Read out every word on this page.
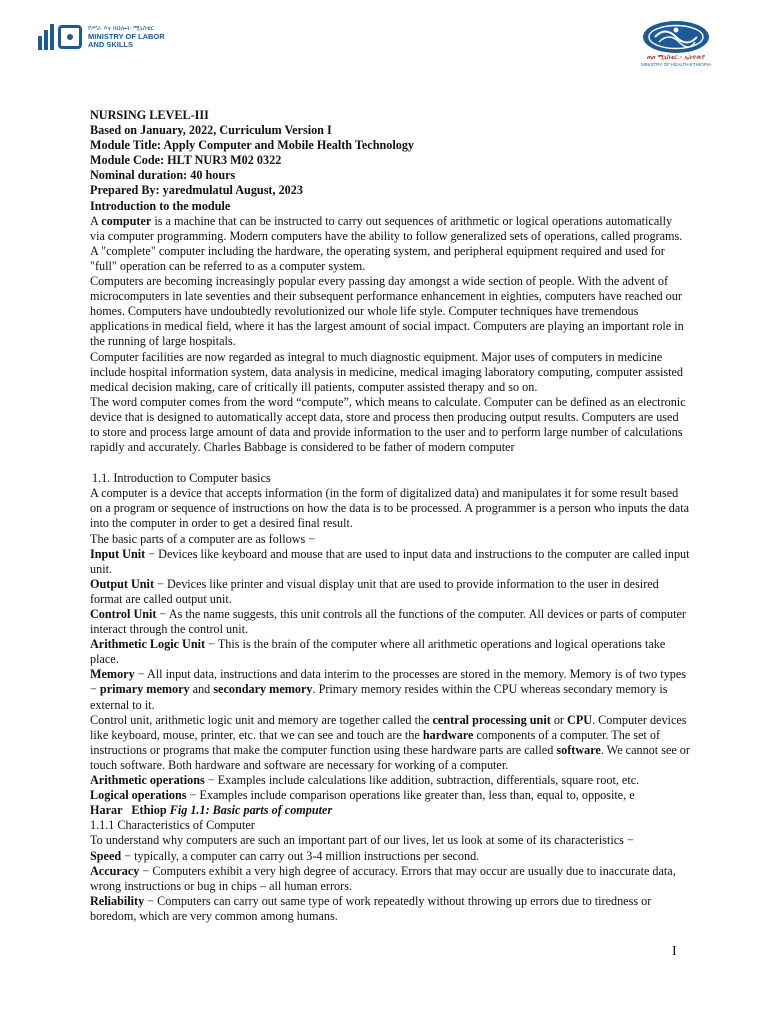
የሥራ እና ክህሎት ሚኒስቴር
MINISTRY OF LABOR
AND SKILLS
ጤና ሚኒስቴር - ኢትዮጵያ
MINISTRY OF HEALTH-ETHIOPIA

NURSING LEVEL-III

Based on January, 2022, Curriculum Version I

Module Title: Apply Computer and Mobile Health Technology

Module Code: HLT NUR3 M02 0322

Nominal duration: 40 hours

Prepared By: yaredmulatul August, 2023

Introduction to the module

A computer is a machine that can be instructed to carry out sequences of arithmetic or logical operations automatically via computer programming. Modern computers have the ability to follow generalized sets of operations, called programs. A "complete" computer including the hardware, the operating system, and peripheral equipment required and used for "full" operation can be referred to as a computer system.

Computers are becoming increasingly popular every passing day amongst a wide section of people. With the advent of microcomputers in late seventies and their subsequent performance enhancement in eighties, computers have reached our homes. Computers have undoubtedly revolutionized our whole life style. Computer techniques have tremendous applications in medical field, where it has the largest amount of social impact. Computers are playing an important role in the running of large hospitals.

Computer facilities are now regarded as integral to much diagnostic equipment. Major uses of computers in medicine include hospital information system, data analysis in medicine, medical imaging laboratory computing, computer assisted medical decision making, care of critically ill patients, computer assisted therapy and so on.

The word computer comes from the word “compute”, which means to calculate. Computer can be defined as an electronic device that is designed to automatically accept data, store and process then producing output results. Computers are used to store and process large amount of data and provide information to the user and to perform large number of calculations rapidly and accurately. Charles Babbage is considered to be father of modern computer

1.1. Introduction to Computer basics

A computer is a device that accepts information (in the form of digitalized data) and manipulates it for some result based on a program or sequence of instructions on how the data is to be processed. A programmer is a person who inputs the data into the computer in order to get a desired final result.

The basic parts of a computer are as follows −

Input Unit − Devices like keyboard and mouse that are used to input data and instructions to the computer are called input unit.

Output Unit − Devices like printer and visual display unit that are used to provide information to the user in desired format are called output unit.

Control Unit − As the name suggests, this unit controls all the functions of the computer. All devices or parts of computer interact through the control unit.

Arithmetic Logic Unit − This is the brain of the computer where all arithmetic operations and logical operations take place.

Memory − All input data, instructions and data interim to the processes are stored in the memory. Memory is of two types − primary memory and secondary memory. Primary memory resides within the CPU whereas secondary memory is external to it.

Control unit, arithmetic logic unit and memory are together called the central processing unit or CPU. Computer devices like keyboard, mouse, printer, etc. that we can see and touch are the hardware components of a computer. The set of instructions or programs that make the computer function using these hardware parts are called software. We cannot see or touch software. Both hardware and software are necessary for working of a computer.

Arithmetic operations − Examples include calculations like addition, subtraction, differentials, square root, etc.

Logical operations − Examples include comparison operations like greater than, less than, equal to, opposite, e

Harar   Ethiop Fig 1.1: Basic parts of computer

1.1.1 Characteristics of Computer

To understand why computers are such an important part of our lives, let us look at some of its characteristics −

Speed − typically, a computer can carry out 3-4 million instructions per second.

Accuracy − Computers exhibit a very high degree of accuracy. Errors that may occur are usually due to inaccurate data, wrong instructions or bug in chips – all human errors.

Reliability − Computers can carry out same type of work repeatedly without throwing up errors due to tiredness or boredom, which are very common among humans.

I
